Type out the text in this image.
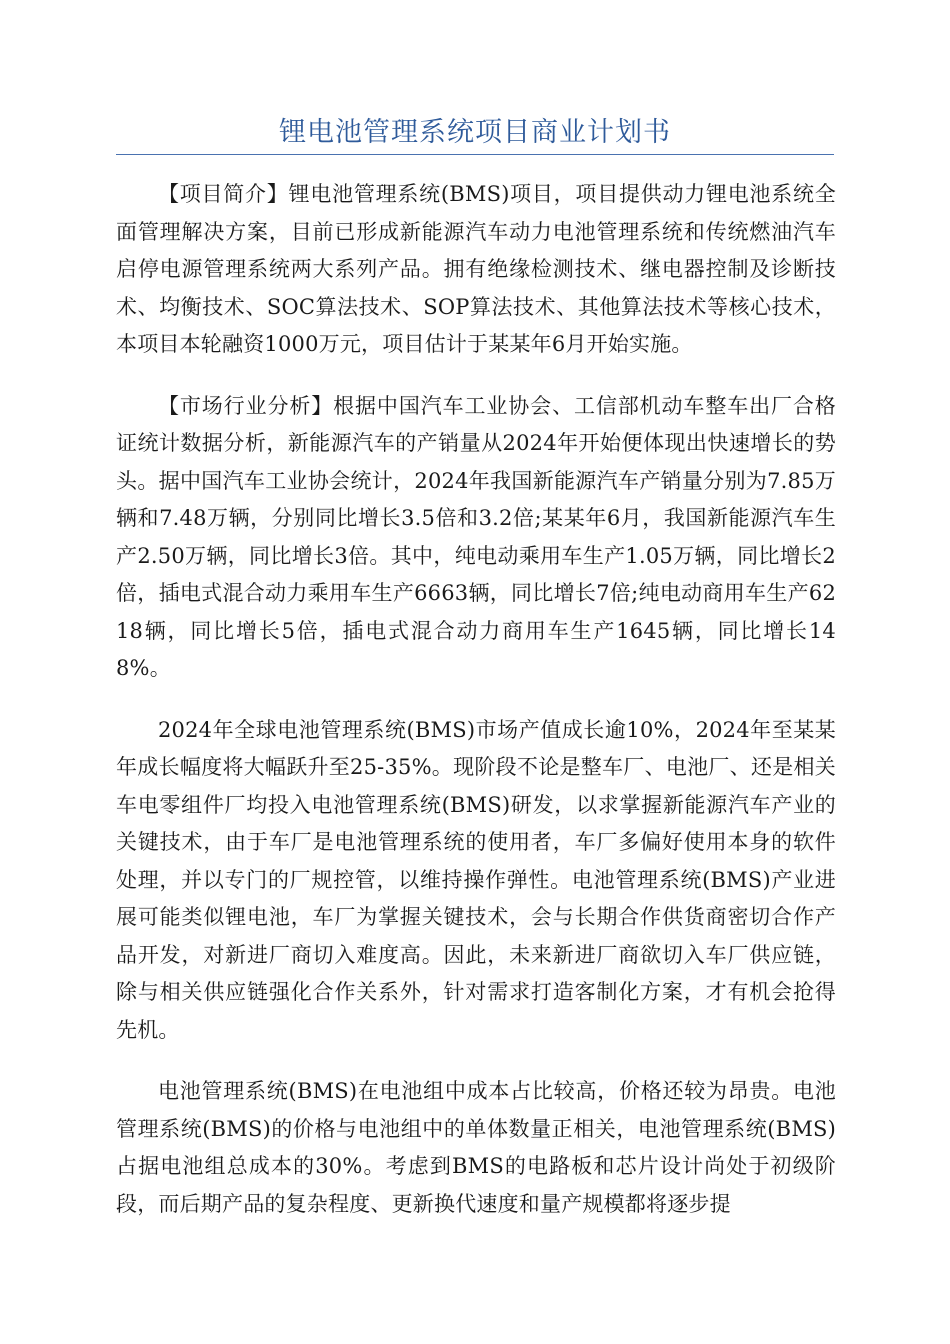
锂电池管理系统项目商业计划书

【项目简介】锂电池管理系统(BMS)项目，项目提供动力锂电池系统全面管理解决方案，目前已形成新能源汽车动力电池管理系统和传统燃油汽车启停电源管理系统两大系列产品。拥有绝缘检测技术、继电器控制及诊断技术、均衡技术、SOC算法技术、SOP算法技术、其他算法技术等核心技术，本项目本轮融资1000万元，项目估计于某某年6月开始实施。

【市场行业分析】根据中国汽车工业协会、工信部机动车整车出厂合格证统计数据分析，新能源汽车的产销量从2024年开始便体现出快速增长的势头。据中国汽车工业协会统计，2024年我国新能源汽车产销量分别为7.85万辆和7.48万辆，分别同比增长3.5倍和3.2倍;某某年6月，我国新能源汽车生产2.50万辆，同比增长3倍。其中，纯电动乘用车生产1.05万辆，同比增长2倍，插电式混合动力乘用车生产6663辆，同比增长7倍;纯电动商用车生产6218辆，同比增长5倍，插电式混合动力商用车生产1645辆，同比增长148%。

2024年全球电池管理系统(BMS)市场产值成长逾10%，2024年至某某年成长幅度将大幅跃升至25-35%。现阶段不论是整车厂、电池厂、还是相关车电零组件厂均投入电池管理系统(BMS)研发，以求掌握新能源汽车产业的关键技术，由于车厂是电池管理系统的使用者，车厂多偏好使用本身的软件处理，并以专门的厂规控管，以维持操作弹性。电池管理系统(BMS)产业进展可能类似锂电池，车厂为掌握关键技术，会与长期合作供货商密切合作产品开发，对新进厂商切入难度高。因此，未来新进厂商欲切入车厂供应链，除与相关供应链强化合作关系外，针对需求打造客制化方案，才有机会抢得先机。

电池管理系统(BMS)在电池组中成本占比较高，价格还较为昂贵。电池管理系统(BMS)的价格与电池组中的单体数量正相关，电池管理系统(BMS)占据电池组总成本的30%。考虑到BMS的电路板和芯片设计尚处于初级阶段，而后期产品的复杂程度、更新换代速度和量产规模都将逐步提
